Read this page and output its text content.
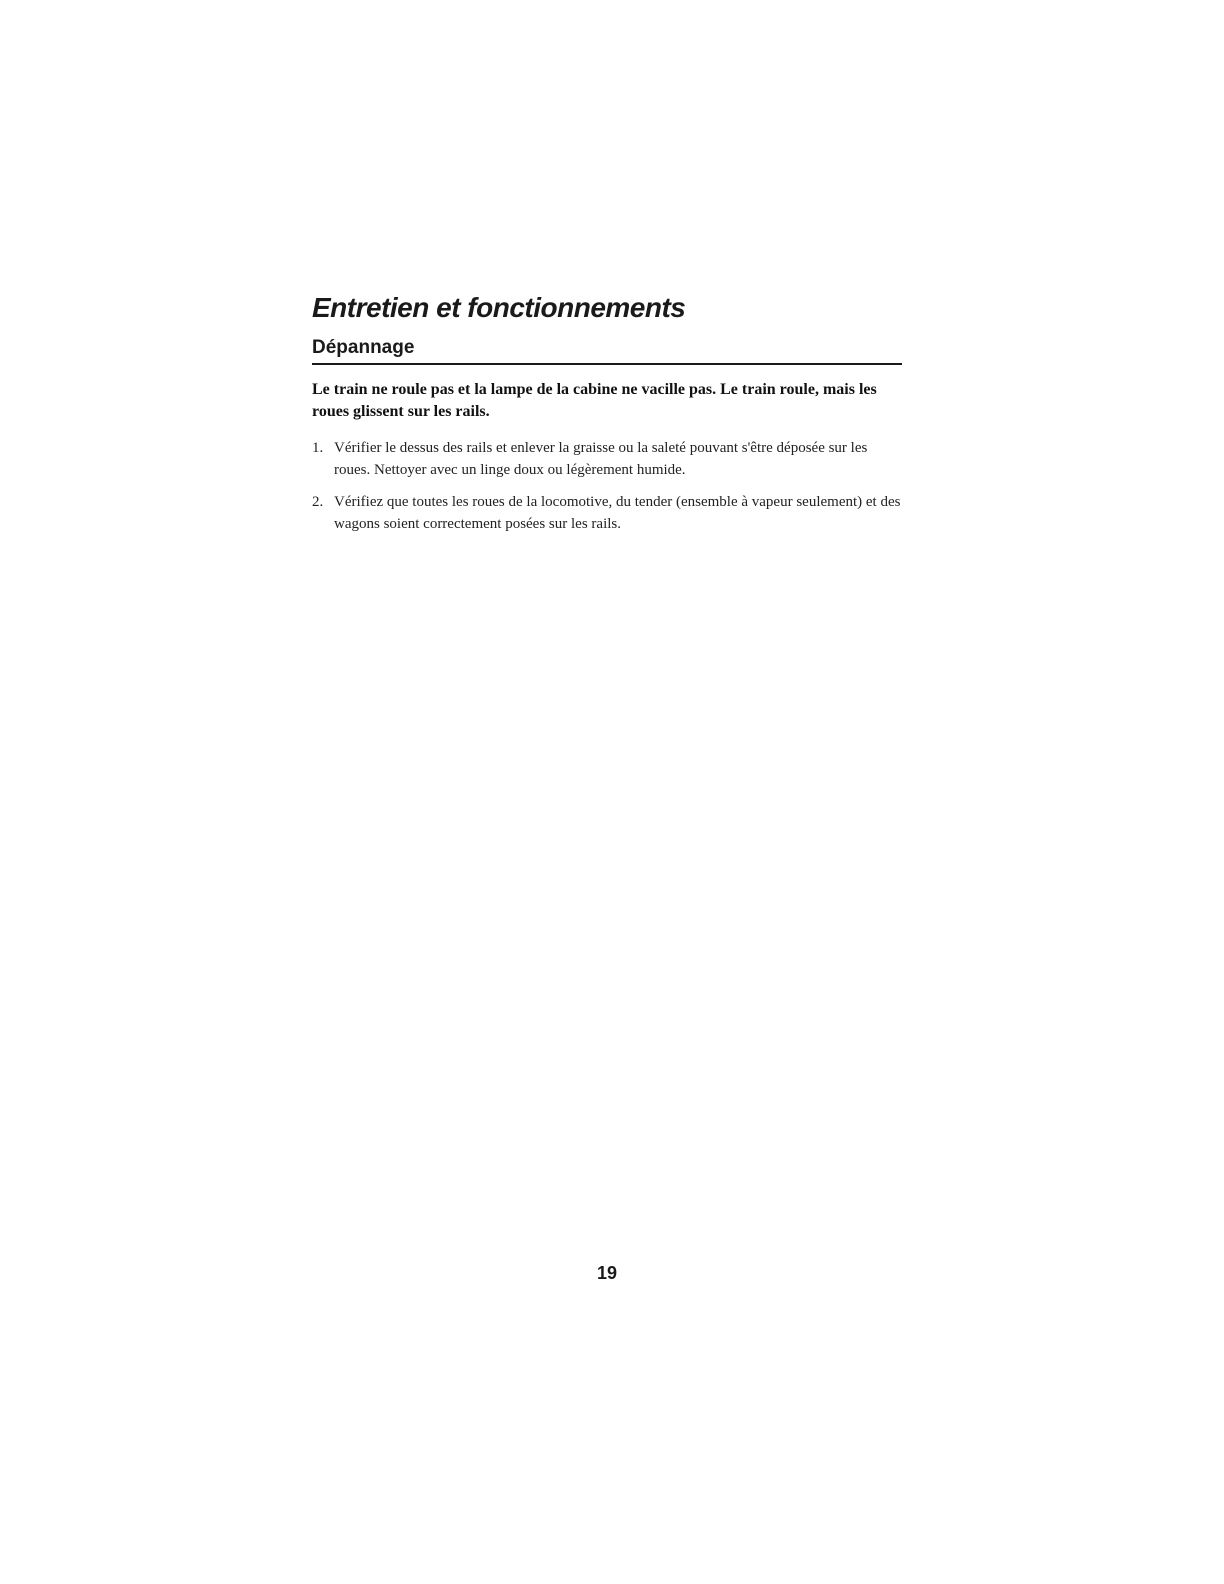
Entretien et fonctionnements
Dépannage

Le train ne roule pas et la lampe de la cabine ne vacille pas. Le train roule, mais les roues glissent sur les rails.

1. Vérifier le dessus des rails et enlever la graisse ou la saleté pouvant s'être déposée sur les roues. Nettoyer avec un linge doux ou légèrement humide.
2. Vérifiez que toutes les roues de la locomotive, du tender (ensemble à vapeur seulement) et des wagons soient correctement posées sur les rails.
19
